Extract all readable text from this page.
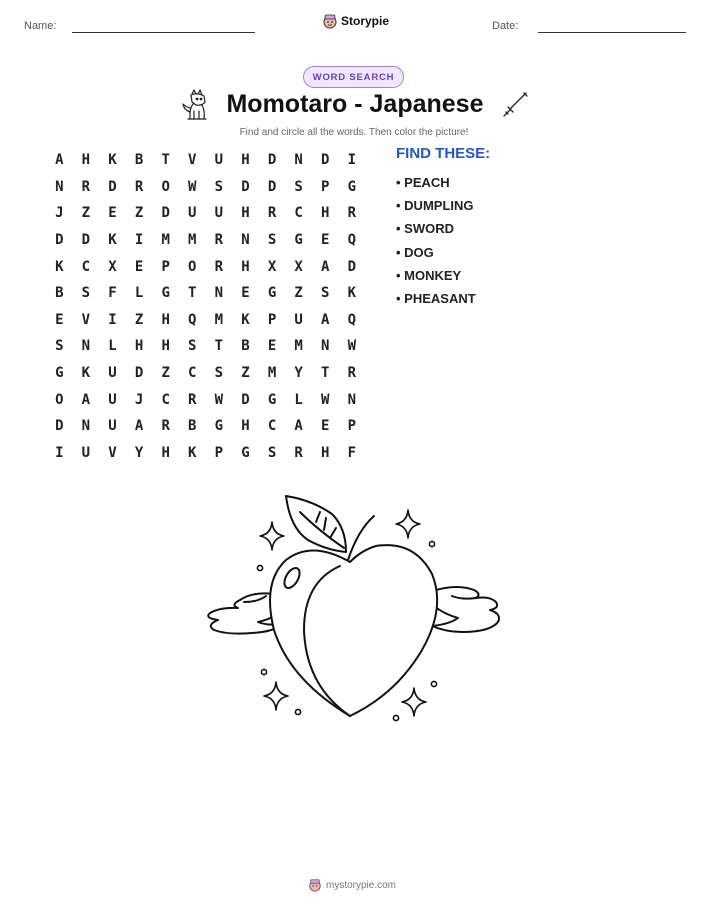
Name:	Storypie	Date:
WORD SEARCH
Momotaro - Japanese
Find and circle all the words. Then color the picture!
A	H	K	B	T	V	U	H	D	N	D	I
N	R	D	R	O	W	S	D	D	S	P	G
J	Z	E	Z	D	U	U	H	R	C	H	R
D	D	K	I	M	M	R	N	S	G	E	Q
K	C	X	E	P	O	R	H	X	X	A	D
B	S	F	L	G	T	N	E	G	Z	S	K
E	V	I	Z	H	Q	M	K	P	U	A	Q
S	N	L	H	H	S	T	B	E	M	N	W
G	K	U	D	Z	C	S	Z	M	Y	T	R
O	A	U	J	C	R	W	D	G	L	W	N
D	N	U	A	R	B	G	H	C	A	E	P
I	U	V	Y	H	K	P	G	S	R	H	F
FIND THESE:
• PEACH
• DUMPLING
• SWORD
• DOG
• MONKEY
• PHEASANT
mystorypie.com
